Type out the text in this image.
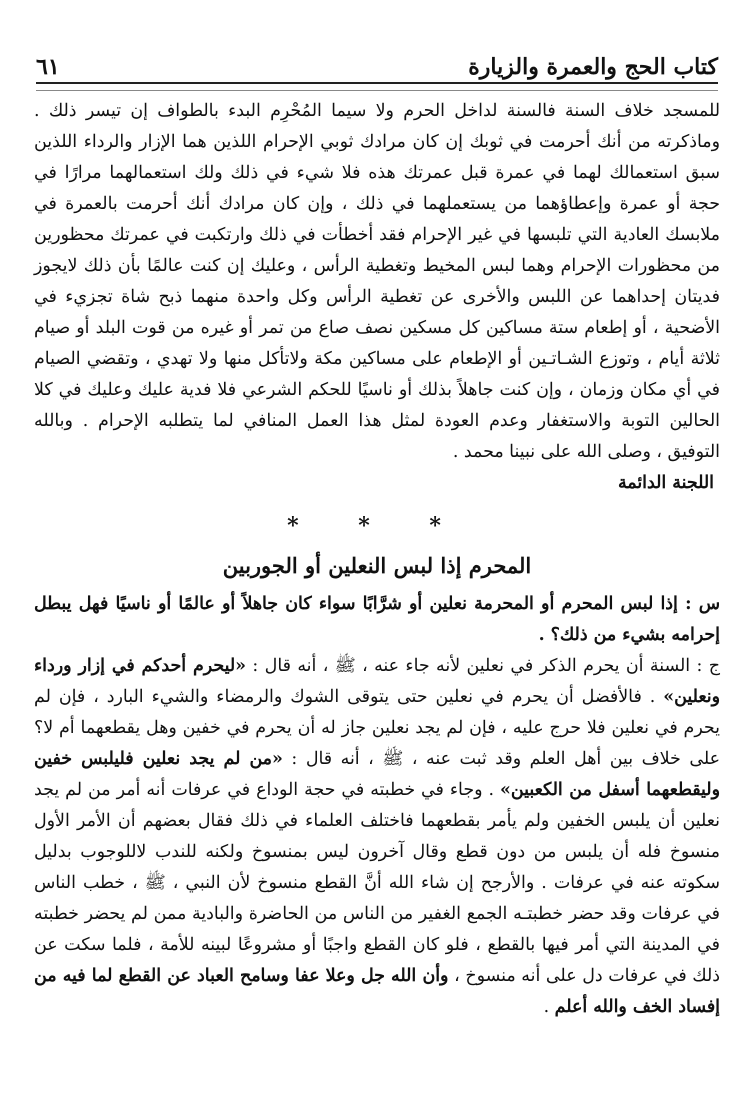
٦١	كتاب الحج والعمرة والزيارة

للمسجد خلاف السنة فالسنة لداخل الحرم ولا سيما المُحْرِم البدء بالطواف إن تيسر ذلك . وماذكرته من أنك أحرمت في ثوبك إن كان مرادك ثوبي الإحرام اللذين هما الإزار والرداء اللذين سبق استعمالك لهما في عمرة قبل عمرتك هذه فلا شيء في ذلك ولك استعمالهما مرارًا في حجة أو عمرة وإعطاؤهما من يستعملهما في ذلك ، وإن كان مرادك أنك أحرمت بالعمرة في ملابسك العادية التي تلبسها في غير الإحرام فقد أخطأت في ذلك وارتكبت في عمرتك محظورين من محظورات الإحرام وهما لبس المخيط وتغطية الرأس ، وعليك إن كنت عالمًا بأن ذلك لايجوز فديتان إحداهما عن اللبس والأخرى عن تغطية الرأس وكل واحدة منهما ذبح شاة تجزيء في الأضحية ، أو إطعام ستة مساكين كل مسكين نصف صاع من تمر أو غيره من قوت البلد أو صيام ثلاثة أيام ، وتوزع الشـاتـين أو الإطعام على مساكين مكة ولاتأكل منها ولا تهدي ، وتقضي الصيام في أي مكان وزمان ، وإن كنت جاهلاً بذلك أو ناسيًا للحكم الشرعي فلا فدية عليك وعليك في كلا الحالين التوبة والاستغفار وعدم العودة لمثل هذا العمل المنافي لما يتطلبه الإحرام . وبالله التوفيق ، وصلى الله على نبينا محمد .

اللجنة الدائمة

* * *
المحرم إذا لبس النعلين أو الجوربين

س : إذا لبس المحرم أو المحرمة نعلين أو شرَّابًا سواء كان جاهلاً أو عالمًا أو ناسيًا فهل يبطل إحرامه بشيء من ذلك؟ .

ج : السنة أن يحرم الذكر في نعلين لأنه جاء عنه ، ﷺ ، أنه قال : «ليحرم أحدكم في إزار ورداء ونعلين» . فالأفضل أن يحرم في نعلين حتى يتوقى الشوك والرمضاء والشيء البارد ، فإن لم يحرم في نعلين فلا حرج عليه ، فإن لم يجد نعلين جاز له أن يحرم في خفين وهل يقطعهما أم لا؟ على خلاف بين أهل العلم وقد ثبت عنه ، ﷺ ، أنه قال : «من لم يجد نعلين فليلبس خفين وليقطعهما أسفل من الكعبين» . وجاء في خطبته في حجة الوداع في عرفات أنه أمر من لم يجد نعلين أن يلبس الخفين ولم يأمر بقطعهما فاختلف العلماء في ذلك فقال بعضهم أن الأمر الأول منسوخ فله أن يلبس من دون قطع وقال آخرون ليس بمنسوخ ولكنه للندب لاللوجوب بدليل سكوته عنه في عرفات . والأرجح إن شاء الله أنَّ القطع منسوخ لأن النبي ، ﷺ ، خطب الناس في عرفات وقد حضر خطبتـه الجمع الغفير من الناس من الحاضرة والبادية ممن لم يحضر خطبته في المدينة التي أمر فيها بالقطع ، فلو كان القطع واجبًا أو مشروعًا لبينه للأمة ، فلما سكت عن ذلك في عرفات دل على أنه منسوخ ، وأن الله جل وعلا عفا وسامح العباد عن القطع لما فيه من إفساد الخف والله أعلم .
